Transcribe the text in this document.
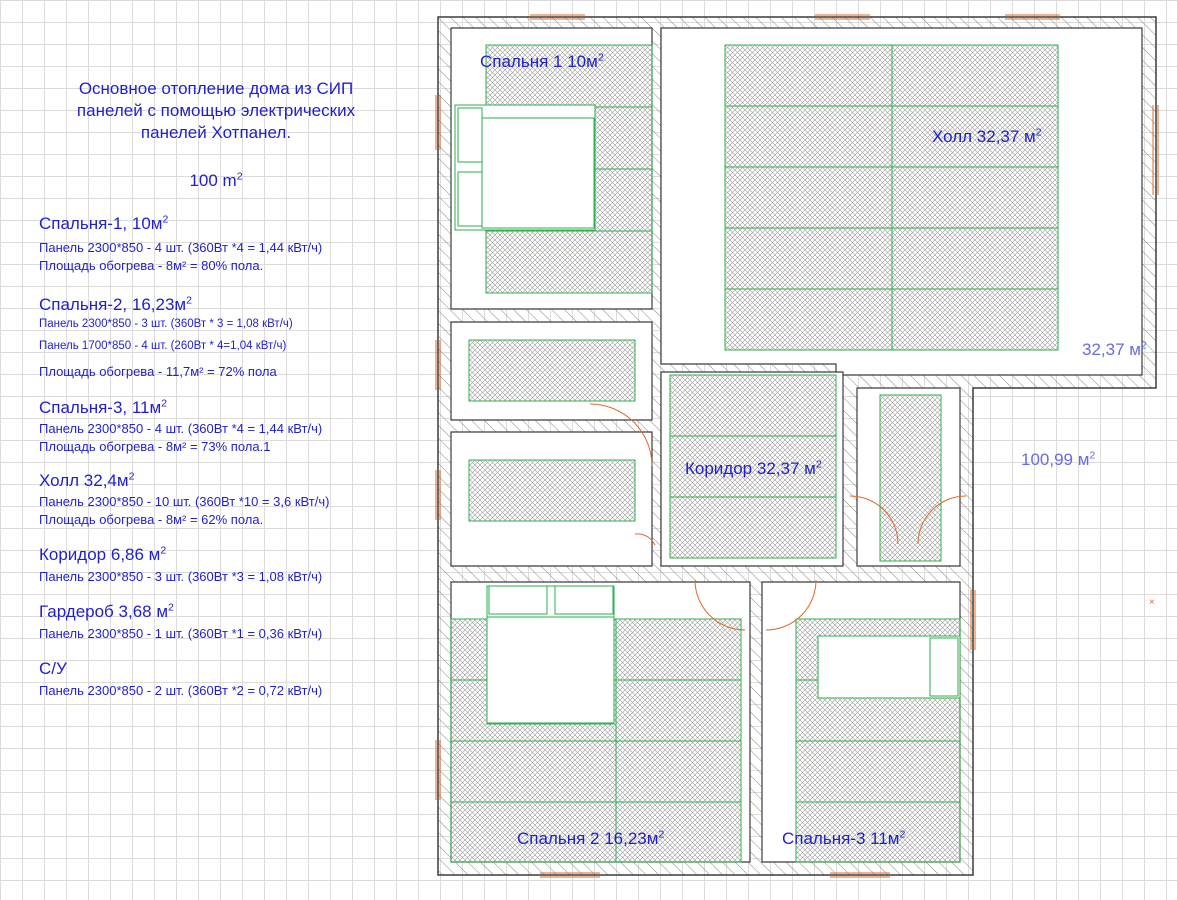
Основное отопление дома из СИП
панелей с помощью электрических
панелей Хотпанел.
100 $m^2$
Спальня-1, $10м^2$
Панель 2300*850 - 4 шт. (360Вт *4 = 1,44 кВт/ч)
Площадь обогрева - 8м² = 80% пола.
Спальня-2, $16,23м^2$
Панель 2300*850 - 3 шт. (360Вт * 3 = 1,08 кВт/ч)
Панель 1700*850 - 4 шт. (260Вт * 4=1,04 кВт/ч)
Площадь обогрева - 11,7м² = 72% пола
Спальня-3, $11м^2$
Панель 2300*850 - 4 шт. (360Вт *4 = 1,44 кВт/ч)
Площадь обогрева - 8м² = 73% пола.1
Холл $32,4м^2$
Панель 2300*850 - 10 шт. (360Вт *10 = 3,6 кВт/ч)
Площадь обогрева - 8м² = 62% пола.
Коридор 6,86 $м^2$
Панель 2300*850 - 3 шт. (360Вт *3 = 1,08 кВт/ч)
Гардероб 3,68 $м^2$
Панель 2300*850 - 1 шт. (360Вт *1 = 0,36 кВт/ч)
С/У
Панель 2300*850 - 2 шт. (360Вт *2 = 0,72 кВт/ч)
Спальня 1 $10м^2$
Холл 32,37 $м^2$
32,37 $м^2$
Коридор 32,37 $м^2$	100,99 $м^2$
Спальня 2 $16,23м^2$	Спальня-3 $11м^2$
×
